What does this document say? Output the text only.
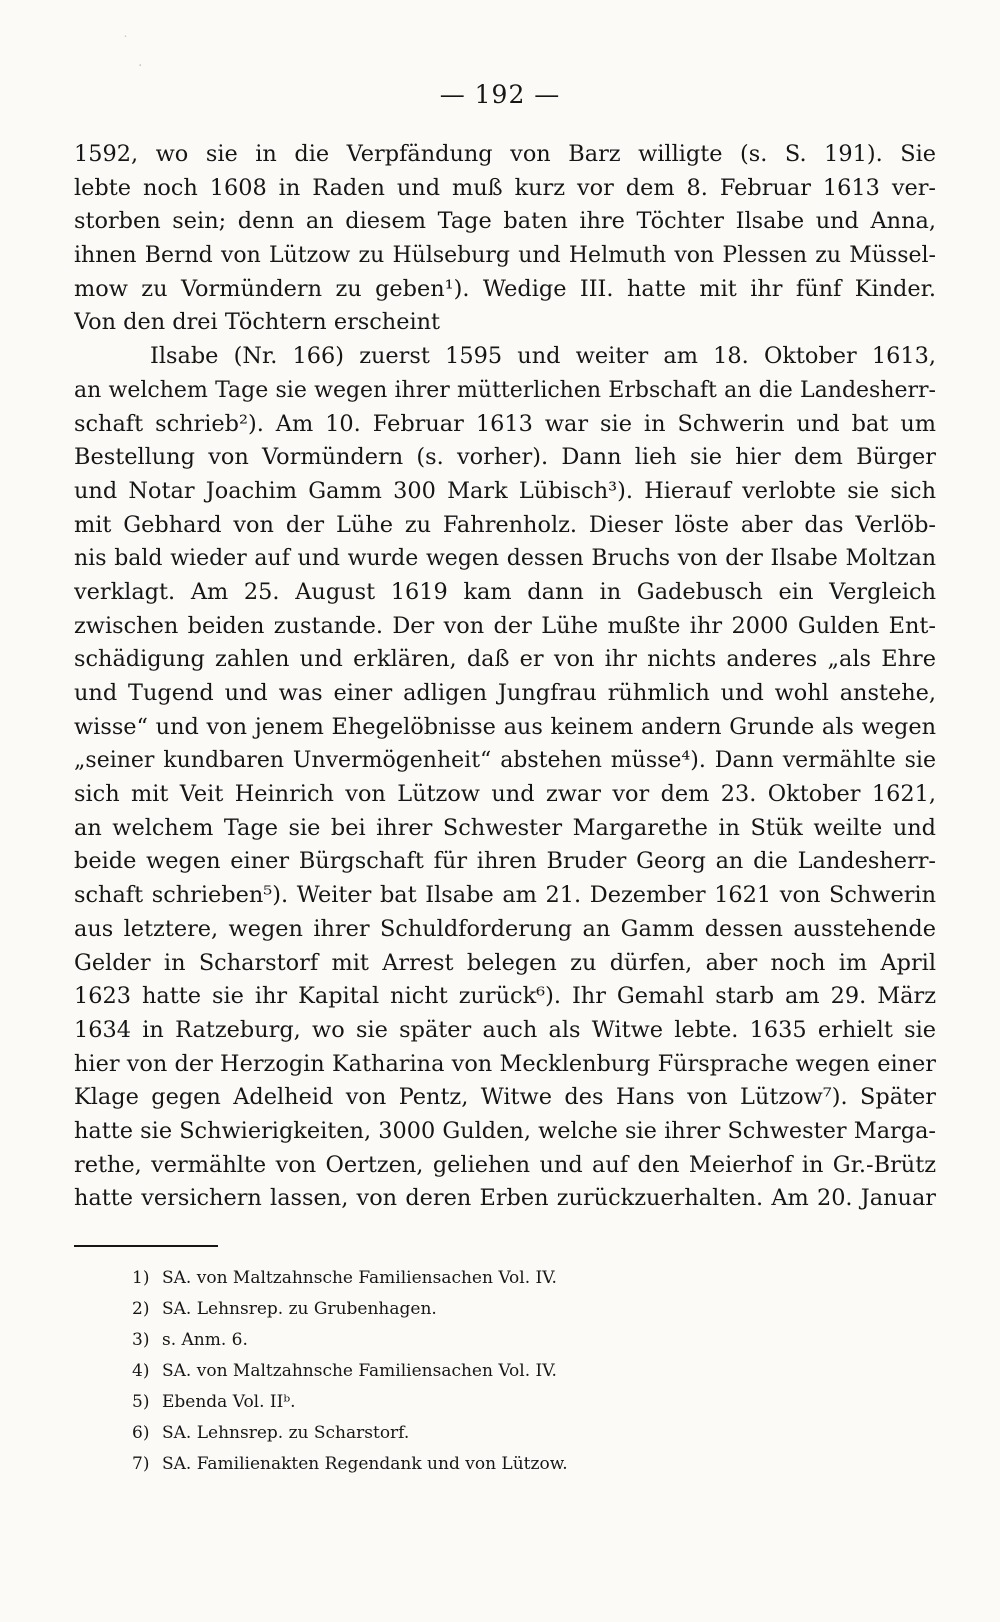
˙
·
— 192 —
1592, wo sie in die Verpfändung von Barz willigte (s. S. 191). Sie
lebte noch 1608 in Raden und muß kurz vor dem 8. Februar 1613 ver-
storben sein; denn an diesem Tage baten ihre Töchter Ilsabe und Anna,
ihnen Bernd von Lützow zu Hülseburg und Helmuth von Plessen zu Müssel-
mow zu Vormündern zu geben¹). Wedige III. hatte mit ihr fünf Kinder.
Von den drei Töchtern erscheint
Ilsabe (Nr. 166) zuerst 1595 und weiter am 18. Oktober 1613,
an welchem Tage sie wegen ihrer mütterlichen Erbschaft an die Landesherr-
schaft schrieb²). Am 10. Februar 1613 war sie in Schwerin und bat um
Bestellung von Vormündern (s. vorher). Dann lieh sie hier dem Bürger
und Notar Joachim Gamm 300 Mark Lübisch³). Hierauf verlobte sie sich
mit Gebhard von der Lühe zu Fahrenholz. Dieser löste aber das Verlöb-
nis bald wieder auf und wurde wegen dessen Bruchs von der Ilsabe Moltzan
verklagt. Am 25. August 1619 kam dann in Gadebusch ein Vergleich
zwischen beiden zustande. Der von der Lühe mußte ihr 2000 Gulden Ent-
schädigung zahlen und erklären, daß er von ihr nichts anderes „als Ehre
und Tugend und was einer adligen Jungfrau rühmlich und wohl anstehe,
wisse“ und von jenem Ehegelöbnisse aus keinem andern Grunde als wegen
„seiner kundbaren Unvermögenheit“ abstehen müsse⁴). Dann vermählte sie
sich mit Veit Heinrich von Lützow und zwar vor dem 23. Oktober 1621,
an welchem Tage sie bei ihrer Schwester Margarethe in Stük weilte und
beide wegen einer Bürgschaft für ihren Bruder Georg an die Landesherr-
schaft schrieben⁵). Weiter bat Ilsabe am 21. Dezember 1621 von Schwerin
aus letztere, wegen ihrer Schuldforderung an Gamm dessen ausstehende
Gelder in Scharstorf mit Arrest belegen zu dürfen, aber noch im April
1623 hatte sie ihr Kapital nicht zurück⁶). Ihr Gemahl starb am 29. März
1634 in Ratzeburg, wo sie später auch als Witwe lebte. 1635 erhielt sie
hier von der Herzogin Katharina von Mecklenburg Fürsprache wegen einer
Klage gegen Adelheid von Pentz, Witwe des Hans von Lützow⁷). Später
hatte sie Schwierigkeiten, 3000 Gulden, welche sie ihrer Schwester Marga-
rethe, vermählte von Oertzen, geliehen und auf den Meierhof in Gr.-Brütz
hatte versichern lassen, von deren Erben zurückzuerhalten. Am 20. Januar
1) SA. von Maltzahnsche Familiensachen Vol. IV.
2) SA. Lehnsrep. zu Grubenhagen.
3) s. Anm. 6.
4) SA. von Maltzahnsche Familiensachen Vol. IV.
5) Ebenda Vol. IIᵇ.
6) SA. Lehnsrep. zu Scharstorf.
7) SA. Familienakten Regendank und von Lützow.
